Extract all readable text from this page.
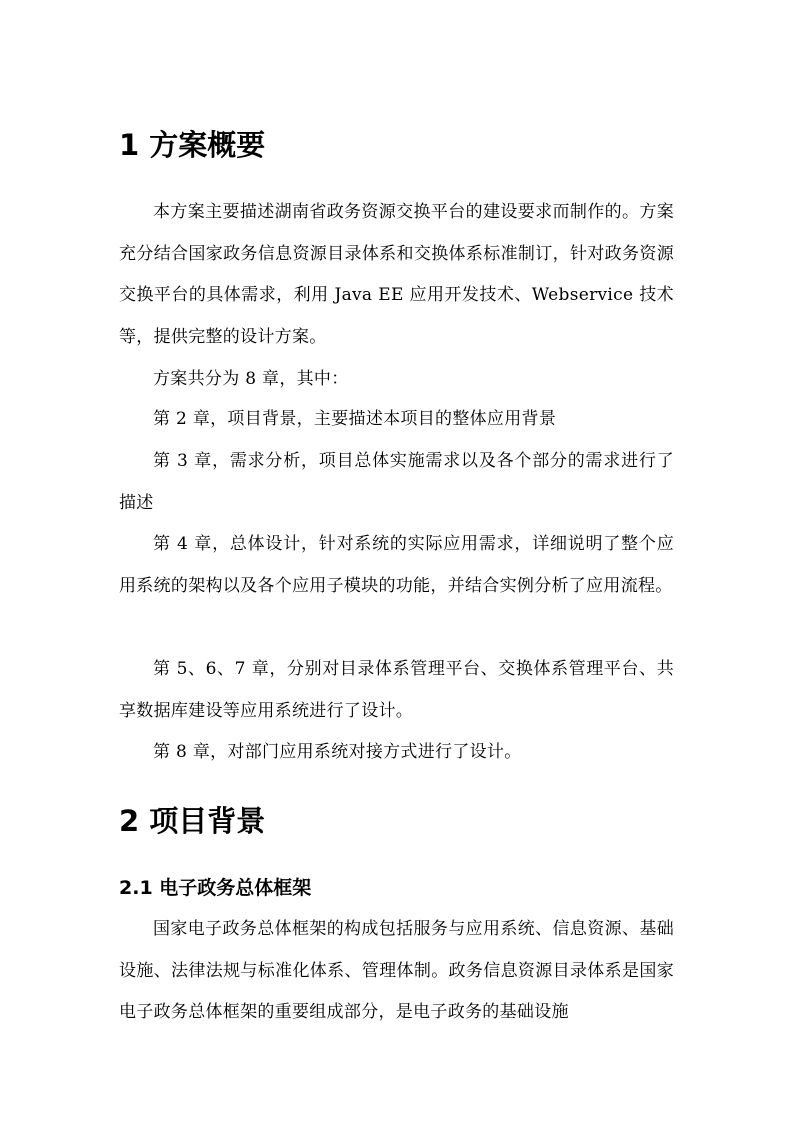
1 方案概要

本方案主要描述湖南省政务资源交换平台的建设要求而制作的。方案充分结合国家政务信息资源目录体系和交换体系标准制订，针对政务资源交换平台的具体需求，利用 Java EE 应用开发技术、Webservice 技术等，提供完整的设计方案。

方案共分为 8 章，其中：

第 2 章，项目背景，主要描述本项目的整体应用背景

第 3 章，需求分析，项目总体实施需求以及各个部分的需求进行了描述

第 4 章，总体设计，针对系统的实际应用需求，详细说明了整个应用系统的架构以及各个应用子模块的功能，并结合实例分析了应用流程。

第 5、6、7 章，分别对目录体系管理平台、交换体系管理平台、共享数据库建设等应用系统进行了设计。

第 8 章，对部门应用系统对接方式进行了设计。

2 项目背景
2.1 电子政务总体框架

国家电子政务总体框架的构成包括服务与应用系统、信息资源、基础设施、法律法规与标准化体系、管理体制。政务信息资源目录体系是国家电子政务总体框架的重要组成部分，是电子政务的基础设施
